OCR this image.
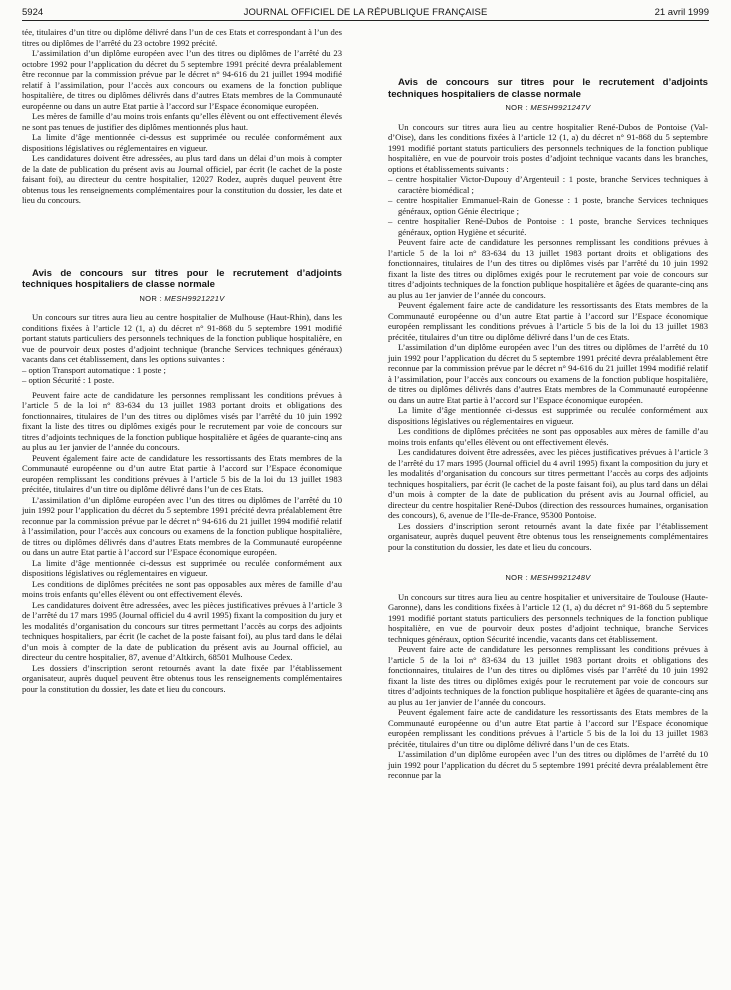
5924	JOURNAL OFFICIEL DE LA RÉPUBLIQUE FRANÇAISE	21 avril 1999

tée, titulaires d’un titre ou diplôme délivré dans l’un de ces Etats et correspondant à l’un des titres ou diplômes de l’arrêté du 23 octobre 1992 précité.

L’assimilation d’un diplôme européen avec l’un des titres ou diplômes de l’arrêté du 23 octobre 1992 pour l’application du décret du 5 septembre 1991 précité devra préalablement être reconnue par la commission prévue par le décret n° 94-616 du 21 juillet 1994 modifié relatif à l’assimilation, pour l’accès aux concours ou examens de la fonction publique hospitalière, de titres ou diplômes délivrés dans d’autres Etats membres de la Communauté européenne ou dans un autre Etat partie à l’accord sur l’Espace économique européen.

Les mères de famille d’au moins trois enfants qu’elles élèvent ou ont effectivement élevés ne sont pas tenues de justifier des diplômes mentionnés plus haut.

La limite d’âge mentionnée ci-dessus est supprimée ou reculée conformément aux dispositions législatives ou réglementaires en vigueur.

Les candidatures doivent être adressées, au plus tard dans un délai d’un mois à compter de la date de publication du présent avis au Journal officiel, par écrit (le cachet de la poste faisant foi), au directeur du centre hospitalier, 12027 Rodez, auprès duquel peuvent être obtenus tous les renseignements complémentaires pour la constitution du dossier, les date et lieu du concours.

Avis de concours sur titres pour le recrutement d’adjoints techniques hospitaliers de classe normale

NOR : MESH9921221V

Un concours sur titres aura lieu au centre hospitalier de Mulhouse (Haut-Rhin), dans les conditions fixées à l’article 12 (1, a) du décret n° 91-868 du 5 septembre 1991 modifié portant statuts particuliers des personnels techniques de la fonction publique hospitalière, en vue de pourvoir deux postes d’adjoint technique (branche Services techniques généraux) vacants dans cet établissement, dans les options suivantes :

– option Transport automatique : 1 poste ;
– option Sécurité : 1 poste.

Peuvent faire acte de candidature les personnes remplissant les conditions prévues à l’article 5 de la loi n° 83-634 du 13 juillet 1983 portant droits et obligations des fonctionnaires, titulaires de l’un des titres ou diplômes visés par l’arrêté du 10 juin 1992 fixant la liste des titres ou diplômes exigés pour le recrutement par voie de concours sur titres d’adjoints techniques de la fonction publique hospitalière et âgées de quarante-cinq ans au plus au 1er janvier de l’année du concours.

Peuvent également faire acte de candidature les ressortissants des Etats membres de la Communauté européenne ou d’un autre Etat partie à l’accord sur l’Espace économique européen remplissant les conditions prévues à l’article 5 bis de la loi du 13 juillet 1983 précitée, titulaires d’un titre ou diplôme délivré dans l’un de ces Etats.

L’assimilation d’un diplôme européen avec l’un des titres ou diplômes de l’arrêté du 10 juin 1992 pour l’application du décret du 5 septembre 1991 précité devra préalablement être reconnue par la commission prévue par le décret n° 94-616 du 21 juillet 1994 modifié relatif à l’assimilation, pour l’accès aux concours ou examens de la fonction publique hospitalière, de titres ou diplômes délivrés dans d’autres Etats membres de la Communauté européenne ou dans un autre Etat partie à l’accord sur l’Espace économique européen.

La limite d’âge mentionnée ci-dessus est supprimée ou reculée conformément aux dispositions législatives ou réglementaires en vigueur.

Les conditions de diplômes précitées ne sont pas opposables aux mères de famille d’au moins trois enfants qu’elles élèvent ou ont effectivement élevés.

Les candidatures doivent être adressées, avec les pièces justificatives prévues à l’article 3 de l’arrêté du 17 mars 1995 (Journal officiel du 4 avril 1995) fixant la composition du jury et les modalités d’organisation du concours sur titres permettant l’accès au corps des adjoints techniques hospitaliers, par écrit (le cachet de la poste faisant foi), au plus tard dans le délai d’un mois à compter de la date de publication du présent avis au Journal officiel, au directeur du centre hospitalier, 87, avenue d’Altkirch, 68501 Mulhouse Cedex.

Les dossiers d’inscription seront retournés avant la date fixée par l’établissement organisateur, auprès duquel peuvent être obtenus tous les renseignements complémentaires pour la constitution du dossier, les date et lieu du concours.

Avis de concours sur titres pour le recrutement d’adjoints techniques hospitaliers de classe normale

NOR : MESH9921247V

Un concours sur titres aura lieu au centre hospitalier René-Dubos de Pontoise (Val-d’Oise), dans les conditions fixées à l’article 12 (1, a) du décret n° 91-868 du 5 septembre 1991 modifié portant statuts particuliers des personnels techniques de la fonction publique hospitalière, en vue de pourvoir trois postes d’adjoint technique vacants dans les branches, options et établissements suivants :

– centre hospitalier Victor-Dupouy d’Argenteuil : 1 poste, branche Services techniques à caractère biomédical ;
– centre hospitalier Emmanuel-Rain de Gonesse : 1 poste, branche Services techniques généraux, option Génie électrique ;
– centre hospitalier René-Dubos de Pontoise : 1 poste, branche Services techniques généraux, option Hygiène et sécurité.

Peuvent faire acte de candidature les personnes remplissant les conditions prévues à l’article 5 de la loi n° 83-634 du 13 juillet 1983 portant droits et obligations des fonctionnaires, titulaires de l’un des titres ou diplômes visés par l’arrêté du 10 juin 1992 fixant la liste des titres ou diplômes exigés pour le recrutement par voie de concours sur titres d’adjoints techniques de la fonction publique hospitalière et âgées de quarante-cinq ans au plus au 1er janvier de l’année du concours.

Peuvent également faire acte de candidature les ressortissants des Etats membres de la Communauté européenne ou d’un autre Etat partie à l’accord sur l’Espace économique européen remplissant les conditions prévues à l’article 5 bis de la loi du 13 juillet 1983 précitée, titulaires d’un titre ou diplôme délivré dans l’un de ces Etats.

L’assimilation d’un diplôme européen avec l’un des titres ou diplômes de l’arrêté du 10 juin 1992 pour l’application du décret du 5 septembre 1991 précité devra préalablement être reconnue par la commission prévue par le décret n° 94-616 du 21 juillet 1994 modifié relatif à l’assimilation, pour l’accès aux concours ou examens de la fonction publique hospitalière, de titres ou diplômes délivrés dans d’autres Etats membres de la Communauté européenne ou dans un autre Etat partie à l’accord sur l’Espace économique européen.

La limite d’âge mentionnée ci-dessus est supprimée ou reculée conformément aux dispositions législatives ou réglementaires en vigueur.

Les conditions de diplômes précitées ne sont pas opposables aux mères de famille d’au moins trois enfants qu’elles élèvent ou ont effectivement élevés.

Les candidatures doivent être adressées, avec les pièces justificatives prévues à l’article 3 de l’arrêté du 17 mars 1995 (Journal officiel du 4 avril 1995) fixant la composition du jury et les modalités d’organisation du concours sur titres permettant l’accès au corps des adjoints techniques hospitaliers, par écrit (le cachet de la poste faisant foi), au plus tard dans un délai d’un mois à compter de la date de publication du présent avis au Journal officiel, au directeur du centre hospitalier René-Dubos (direction des ressources humaines, organisation des concours), 6, avenue de l’Ile-de-France, 95300 Pontoise.

Les dossiers d’inscription seront retournés avant la date fixée par l’établissement organisateur, auprès duquel peuvent être obtenus tous les renseignements complémentaires pour la constitution du dossier, les date et lieu du concours.

NOR : MESH9921248V

Un concours sur titres aura lieu au centre hospitalier et universitaire de Toulouse (Haute-Garonne), dans les conditions fixées à l’article 12 (1, a) du décret n° 91-868 du 5 septembre 1991 modifié portant statuts particuliers des personnels techniques de la fonction publique hospitalière, en vue de pourvoir deux postes d’adjoint technique, branche Services techniques généraux, option Sécurité incendie, vacants dans cet établissement.

Peuvent faire acte de candidature les personnes remplissant les conditions prévues à l’article 5 de la loi n° 83-634 du 13 juillet 1983 portant droits et obligations des fonctionnaires, titulaires de l’un des titres ou diplômes visés par l’arrêté du 10 juin 1992 fixant la liste des titres ou diplômes exigés pour le recrutement par voie de concours sur titres d’adjoints techniques de la fonction publique hospitalière et âgées de quarante-cinq ans au plus au 1er janvier de l’année du concours.

Peuvent également faire acte de candidature les ressortissants des Etats membres de la Communauté européenne ou d’un autre Etat partie à l’accord sur l’Espace économique européen remplissant les conditions prévues à l’article 5 bis de la loi du 13 juillet 1983 précitée, titulaires d’un titre ou diplôme délivré dans l’un de ces Etats.

L’assimilation d’un diplôme européen avec l’un des titres ou diplômes de l’arrêté du 10 juin 1992 pour l’application du décret du 5 septembre 1991 précité devra préalablement être reconnue par la
